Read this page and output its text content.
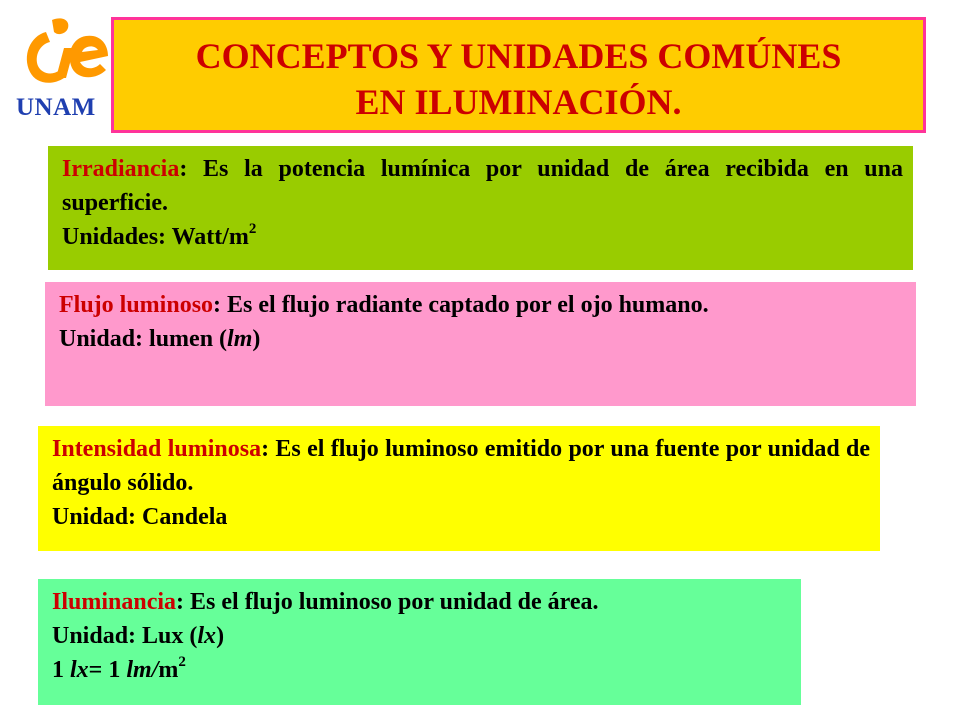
UNAM
CONCEPTOS Y UNIDADES COMÚNES
EN ILUMINACIÓN.
Irradiancia: Es la potencia lumínica por unidad de área recibida en una superficie.
Unidades: Watt/$m^2$
Flujo luminoso: Es el flujo radiante captado por el ojo humano.
Unidad: lumen (lm)
Intensidad luminosa: Es el flujo luminoso emitido por una fuente por unidad de ángulo sólido.
Unidad: Candela
Iluminancia: Es el flujo luminoso por unidad de área.
Unidad: Lux (lx)
1 lx= 1 $lm/m^2$
